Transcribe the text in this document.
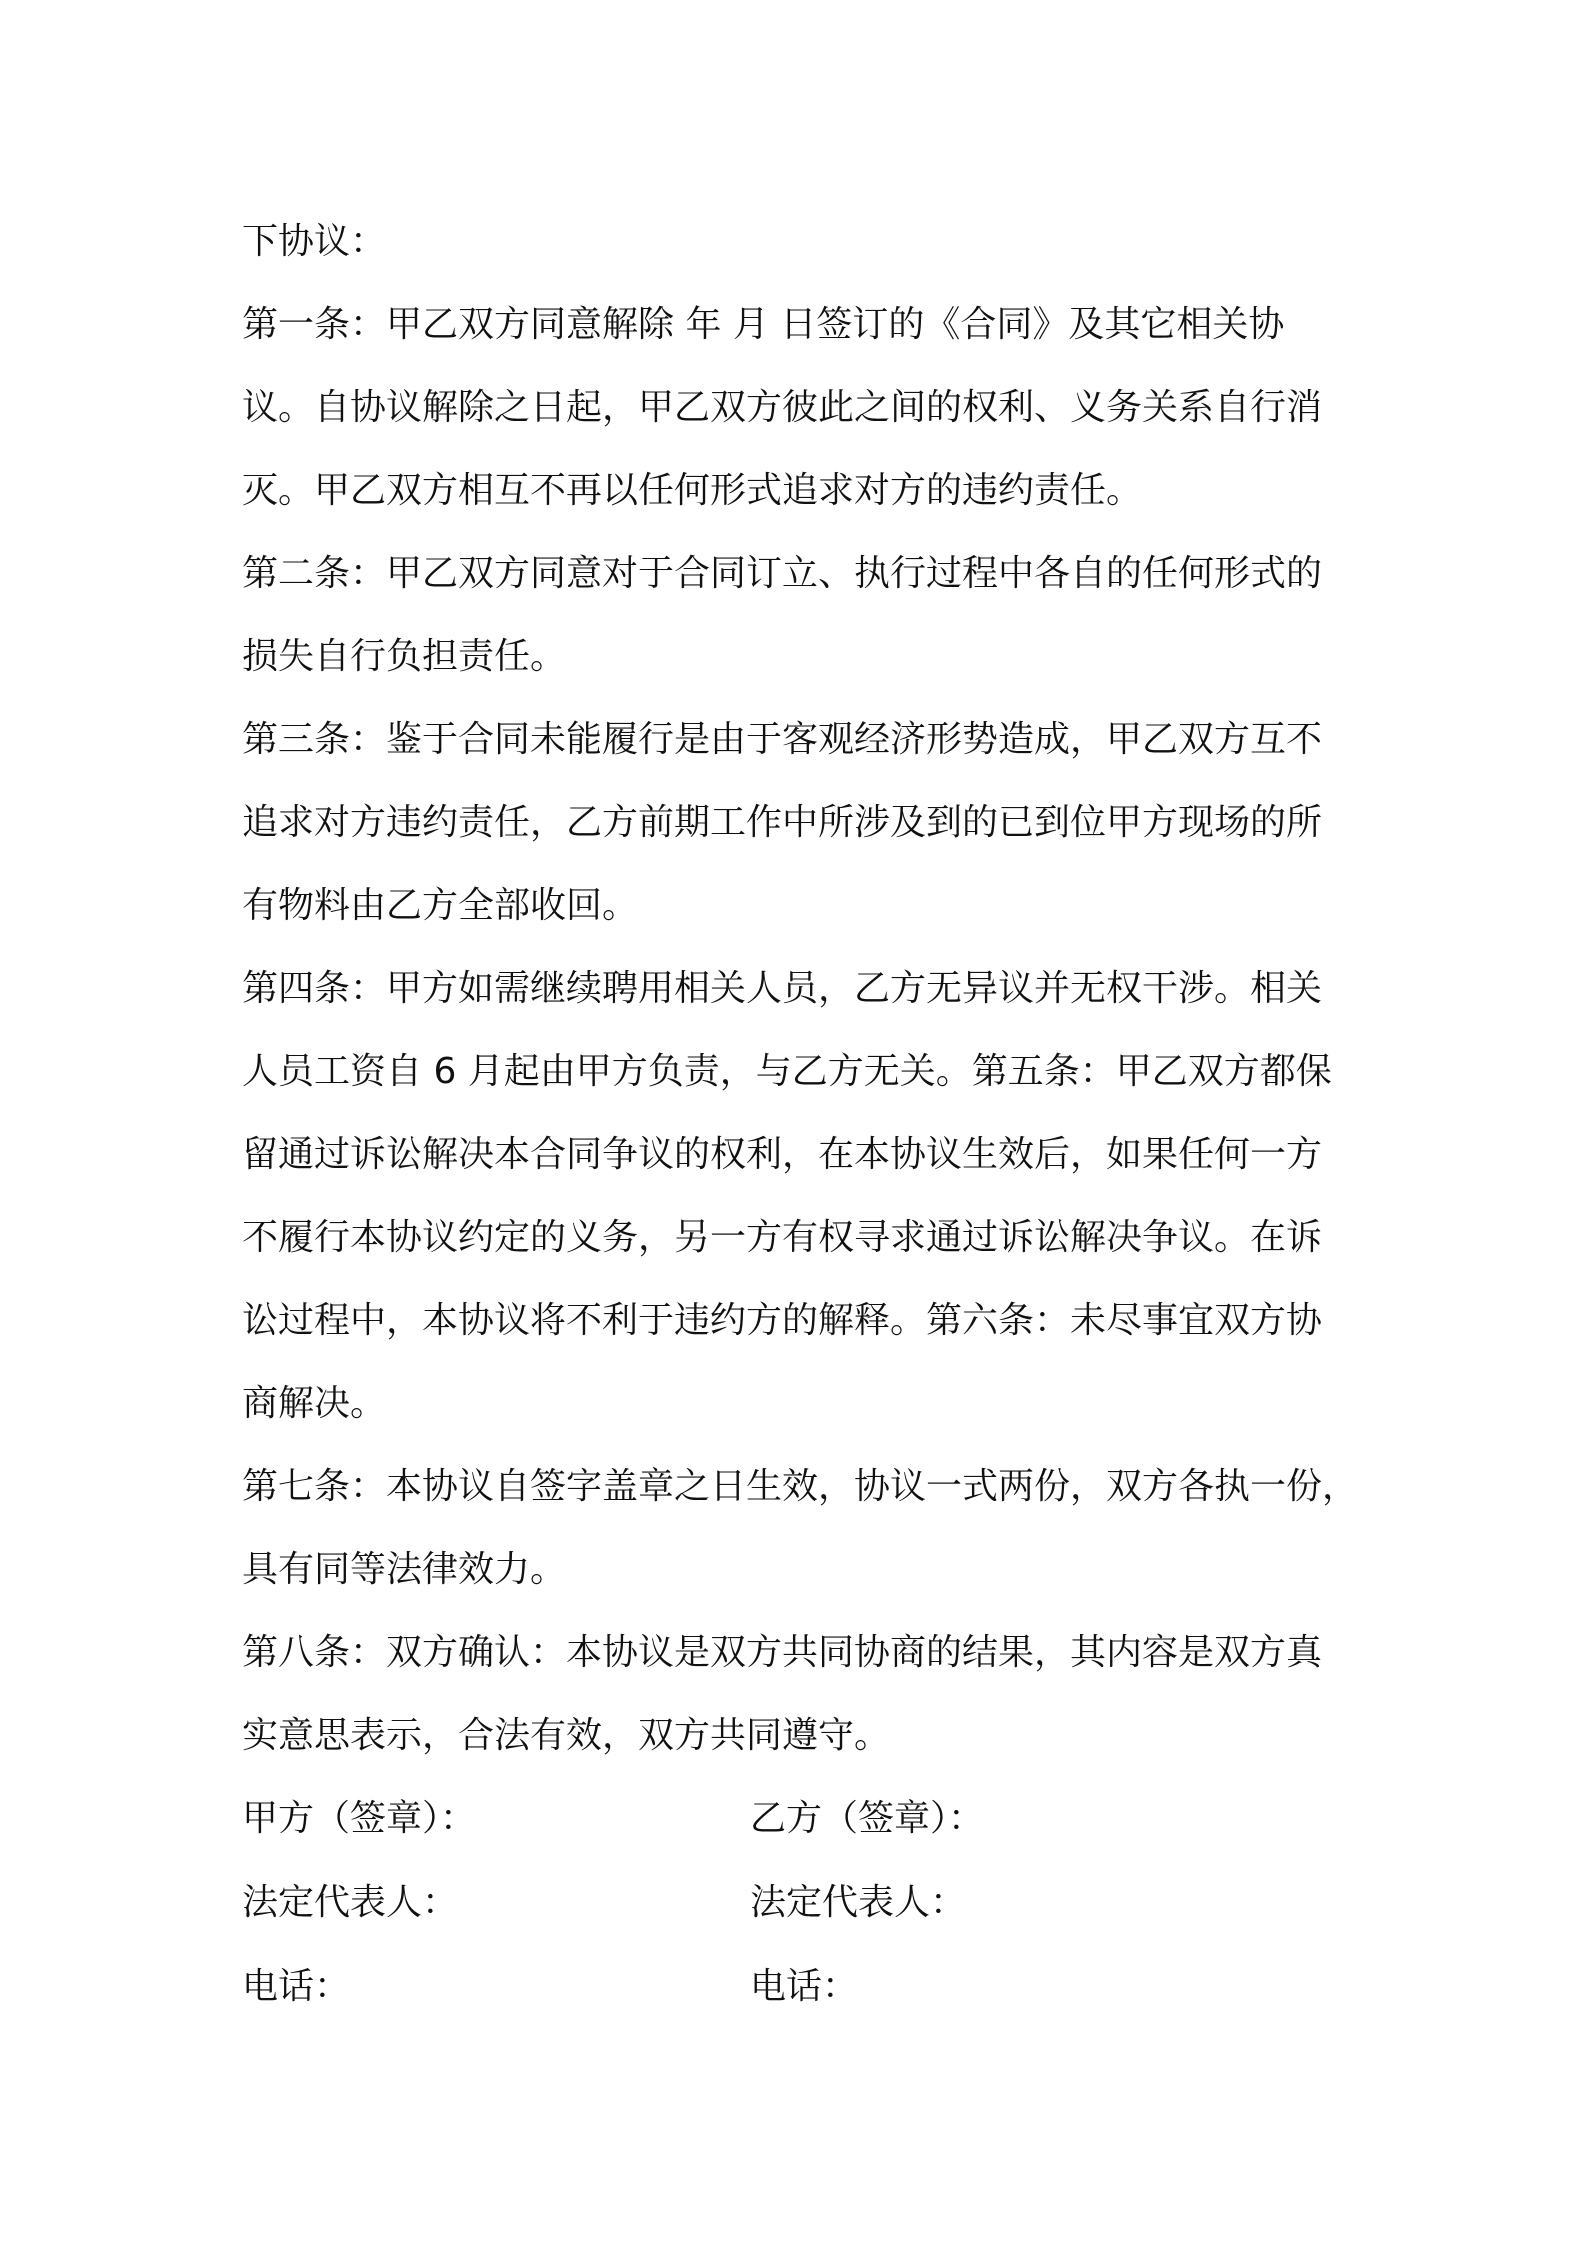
下协议：
第一条：甲乙双方同意解除 年 月 日签订的《合同》及其它相关协
议。自协议解除之日起，甲乙双方彼此之间的权利、义务关系自行消
灭。甲乙双方相互不再以任何形式追求对方的违约责任。
第二条：甲乙双方同意对于合同订立、执行过程中各自的任何形式的
损失自行负担责任。
第三条：鉴于合同未能履行是由于客观经济形势造成，甲乙双方互不
追求对方违约责任，乙方前期工作中所涉及到的已到位甲方现场的所
有物料由乙方全部收回。
第四条：甲方如需继续聘用相关人员，乙方无异议并无权干涉。相关
人员工资自 6 月起由甲方负责，与乙方无关。第五条：甲乙双方都保
留通过诉讼解决本合同争议的权利，在本协议生效后，如果任何一方
不履行本协议约定的义务，另一方有权寻求通过诉讼解决争议。在诉
讼过程中，本协议将不利于违约方的解释。第六条：未尽事宜双方协
商解决。
第七条：本协议自签字盖章之日生效，协议一式两份，双方各执一份，
具有同等法律效力。
第八条：双方确认：本协议是双方共同协商的结果，其内容是双方真
实意思表示，合法有效，双方共同遵守。
甲方（签章）：	乙方（签章）：
法定代表人：	法定代表人：
电话：	电话：
